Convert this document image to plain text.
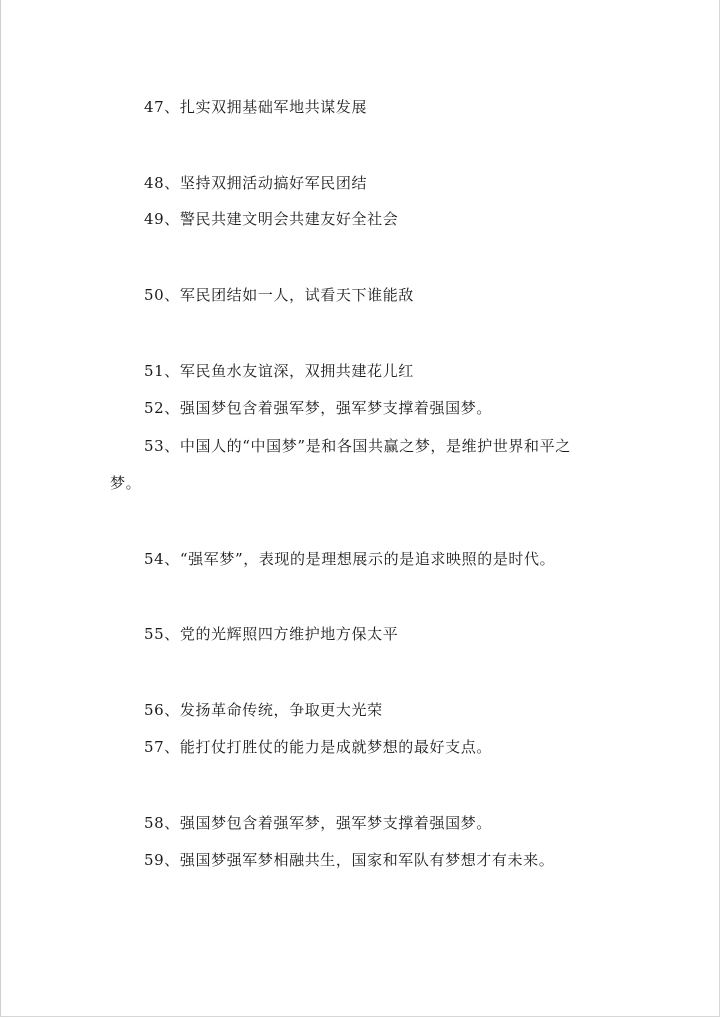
47、扎实双拥基础军地共谋发展
48、坚持双拥活动搞好军民团结
49、警民共建文明会共建友好全社会
50、军民团结如一人，试看天下谁能敌
51、军民鱼水友谊深，双拥共建花儿红
52、强国梦包含着强军梦，强军梦支撑着强国梦。
53、中国人的“中国梦”是和各国共赢之梦，是维护世界和平之
梦。
54、“强军梦”，表现的是理想展示的是追求映照的是时代。
55、党的光辉照四方维护地方保太平
56、发扬革命传统，争取更大光荣
57、能打仗打胜仗的能力是成就梦想的最好支点。
58、强国梦包含着强军梦，强军梦支撑着强国梦。
59、强国梦强军梦相融共生，国家和军队有梦想才有未来。
